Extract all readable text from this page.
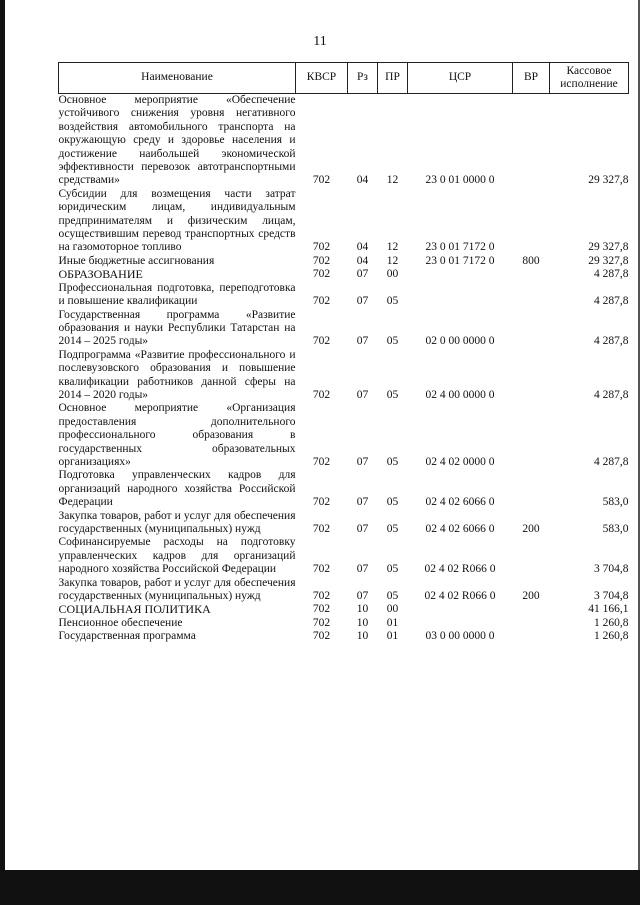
11
Наименование	КВСР	Рз	ПР	ЦСР	ВР	Кассовое исполнение
Основное мероприятие «Обеспечение устойчивого снижения уровня негативного воздействия автомобильного транспорта на окружающую среду и здоровье населения и достижение наибольшей экономической эффективности перевозок автотранспортными средствами»	702	04	12	23 0 01 0000 0		29 327,8
Субсидии для возмещения части затрат юридическим лицам, индивидуальным предпринимателям и физическим лицам, осуществившим перевод транспортных средств на газомоторное топливо	702	04	12	23 0 01 7172 0		29 327,8
Иные бюджетные ассигнования	702	04	12	23 0 01 7172 0	800	29 327,8
ОБРАЗОВАНИЕ	702	07	00			4 287,8
Профессиональная подготовка, переподготовка и повышение квалификации	702	07	05			4 287,8
Государственная программа «Развитие образования и науки Республики Татарстан на 2014 – 2025 годы»	702	07	05	02 0 00 0000 0		4 287,8
Подпрограмма «Развитие профессионального и послевузовского образования и повышение квалификации работников данной сферы на 2014 – 2020 годы»	702	07	05	02 4 00 0000 0		4 287,8
Основное мероприятие «Организация предоставления дополнительного профессионального образования в государственных образовательных организациях»	702	07	05	02 4 02 0000 0		4 287,8
Подготовка управленческих кадров для организаций народного хозяйства Российской Федерации	702	07	05	02 4 02 6066 0		583,0
Закупка товаров, работ и услуг для обеспечения государственных (муниципальных) нужд	702	07	05	02 4 02 6066 0	200	583,0
Софинансируемые расходы на подготовку управленческих кадров для организаций народного хозяйства Российской Федерации	702	07	05	02 4 02 R066 0		3 704,8
Закупка товаров, работ и услуг для обеспечения государственных (муниципальных) нужд	702	07	05	02 4 02 R066 0	200	3 704,8
СОЦИАЛЬНАЯ ПОЛИТИКА	702	10	00			41 166,1
Пенсионное обеспечение	702	10	01			1 260,8
Государственная программа	702	10	01	03 0 00 0000 0		1 260,8
